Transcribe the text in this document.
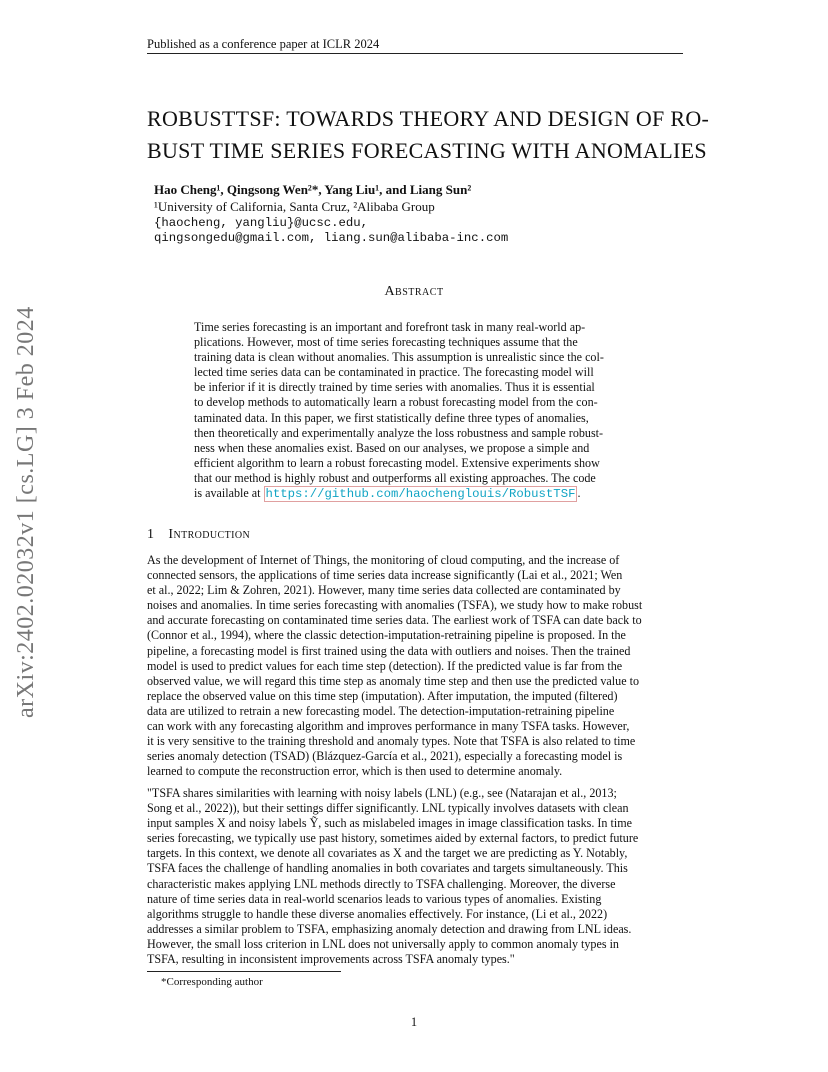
Published as a conference paper at ICLR 2024
arXiv:2402.02032v1 [cs.LG] 3 Feb 2024
ROBUSTTSF: TOWARDS THEORY AND DESIGN OF RO-
BUST TIME SERIES FORECASTING WITH ANOMALIES
Hao Cheng¹, Qingsong Wen²*, Yang Liu¹, and Liang Sun²
¹University of California, Santa Cruz, ²Alibaba Group
{haocheng, yangliu}@ucsc.edu,
qingsongedu@gmail.com, liang.sun@alibaba-inc.com
Abstract
Time series forecasting is an important and forefront task in many real-world ap-
plications. However, most of time series forecasting techniques assume that the
training data is clean without anomalies. This assumption is unrealistic since the col-
lected time series data can be contaminated in practice. The forecasting model will
be inferior if it is directly trained by time series with anomalies. Thus it is essential
to develop methods to automatically learn a robust forecasting model from the con-
taminated data. In this paper, we first statistically define three types of anomalies,
then theoretically and experimentally analyze the loss robustness and sample robust-
ness when these anomalies exist. Based on our analyses, we propose a simple and
efficient algorithm to learn a robust forecasting model. Extensive experiments show
that our method is highly robust and outperforms all existing approaches. The code
is available at https://github.com/haochenglouis/RobustTSF .
1 Introduction
As the development of Internet of Things, the monitoring of cloud computing, and the increase of
connected sensors, the applications of time series data increase significantly (Lai et al., 2021; Wen
et al., 2022; Lim & Zohren, 2021). However, many time series data collected are contaminated by
noises and anomalies. In time series forecasting with anomalies (TSFA), we study how to make robust
and accurate forecasting on contaminated time series data. The earliest work of TSFA can date back to
(Connor et al., 1994), where the classic detection-imputation-retraining pipeline is proposed. In the
pipeline, a forecasting model is first trained using the data with outliers and noises. Then the trained
model is used to predict values for each time step (detection). If the predicted value is far from the
observed value, we will regard this time step as anomaly time step and then use the predicted value to
replace the observed value on this time step (imputation). After imputation, the imputed (filtered)
data are utilized to retrain a new forecasting model. The detection-imputation-retraining pipeline
can work with any forecasting algorithm and improves performance in many TSFA tasks. However,
it is very sensitive to the training threshold and anomaly types. Note that TSFA is also related to time
series anomaly detection (TSAD) (Blázquez-García et al., 2021), especially a forecasting model is
learned to compute the reconstruction error, which is then used to determine anomaly.
"TSFA shares similarities with learning with noisy labels (LNL) (e.g., see (Natarajan et al., 2013;
Song et al., 2022)), but their settings differ significantly. LNL typically involves datasets with clean
input samples X and noisy labels Ỹ, such as mislabeled images in image classification tasks. In time
series forecasting, we typically use past history, sometimes aided by external factors, to predict future
targets. In this context, we denote all covariates as X and the target we are predicting as Y. Notably,
TSFA faces the challenge of handling anomalies in both covariates and targets simultaneously. This
characteristic makes applying LNL methods directly to TSFA challenging. Moreover, the diverse
nature of time series data in real-world scenarios leads to various types of anomalies. Existing
algorithms struggle to handle these diverse anomalies effectively. For instance, (Li et al., 2022)
addresses a similar problem to TSFA, emphasizing anomaly detection and drawing from LNL ideas.
However, the small loss criterion in LNL does not universally apply to common anomaly types in
TSFA, resulting in inconsistent improvements across TSFA anomaly types."
*Corresponding author
1
